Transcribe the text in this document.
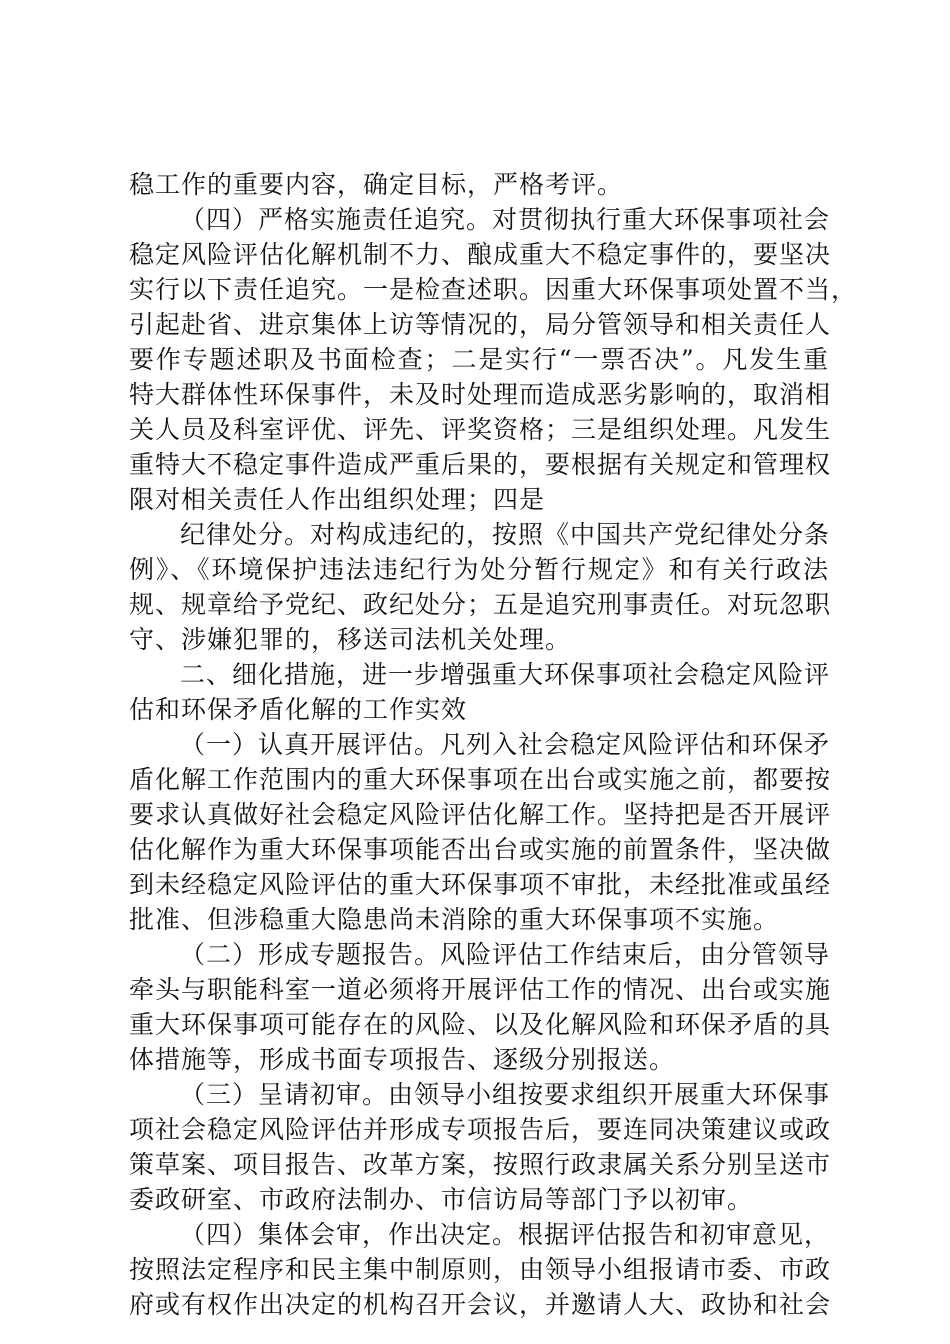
稳工作的重要内容，确定目标，严格考评。
（四）严格实施责任追究。对贯彻执行重大环保事项社会
稳定风险评估化解机制不力、酿成重大不稳定事件的，要坚决
实行以下责任追究。一是检查述职。因重大环保事项处置不当，
引起赴省、进京集体上访等情况的，局分管领导和相关责任人
要作专题述职及书面检查；二是实行“一票否决”。凡发生重
特大群体性环保事件，未及时处理而造成恶劣影响的，取消相
关人员及科室评优、评先、评奖资格；三是组织处理。凡发生
重特大不稳定事件造成严重后果的，要根据有关规定和管理权
限对相关责任人作出组织处理；四是
纪律处分。对构成违纪的，按照《中国共产党纪律处分条
例》、《环境保护违法违纪行为处分暂行规定》和有关行政法
规、规章给予党纪、政纪处分；五是追究刑事责任。对玩忽职
守、涉嫌犯罪的，移送司法机关处理。
二、细化措施，进一步增强重大环保事项社会稳定风险评
估和环保矛盾化解的工作实效
（一）认真开展评估。凡列入社会稳定风险评估和环保矛
盾化解工作范围内的重大环保事项在出台或实施之前，都要按
要求认真做好社会稳定风险评估化解工作。坚持把是否开展评
估化解作为重大环保事项能否出台或实施的前置条件，坚决做
到未经稳定风险评估的重大环保事项不审批，未经批准或虽经
批准、但涉稳重大隐患尚未消除的重大环保事项不实施。
（二）形成专题报告。风险评估工作结束后，由分管领导
牵头与职能科室一道必须将开展评估工作的情况、出台或实施
重大环保事项可能存在的风险、以及化解风险和环保矛盾的具
体措施等，形成书面专项报告、逐级分别报送。
（三）呈请初审。由领导小组按要求组织开展重大环保事
项社会稳定风险评估并形成专项报告后，要连同决策建议或政
策草案、项目报告、改革方案，按照行政隶属关系分别呈送市
委政研室、市政府法制办、市信访局等部门予以初审。
（四）集体会审，作出决定。根据评估报告和初审意见，
按照法定程序和民主集中制原则，由领导小组报请市委、市政
府或有权作出决定的机构召开会议，并邀请人大、政协和社会
